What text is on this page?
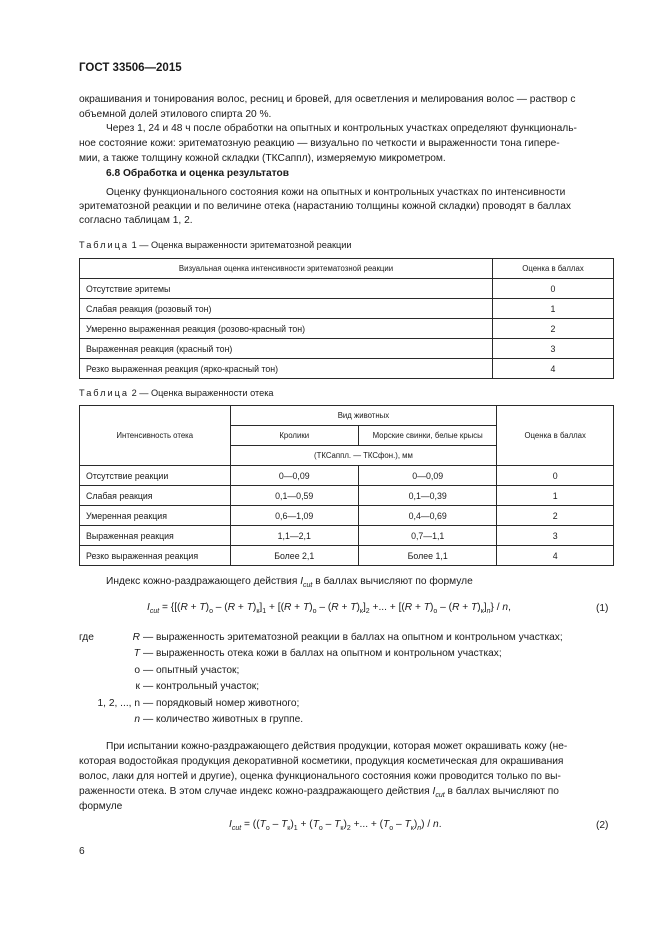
ГОСТ 33506—2015
окрашивания и тонирования волос, ресниц и бровей, для осветления и мелирования волос — раствор с объемной долей этилового спирта 20 %.
Через 1, 24 и 48 ч после обработки на опытных и контрольных участках определяют функциональ-
ное состояние кожи: эритематозную реакцию — визуально по четкости и выраженности тона гипере-
мии, а также толщину кожной складки (ТКСаппл), измеряемую микрометром.
6.8 Обработка и оценка результатов
Оценку функционального состояния кожи на опытных и контрольных участках по интенсивности
эритематозной реакции и по величине отека (нарастанию толщины кожной складки) проводят в баллах
согласно таблицам 1, 2.
Таблица 1 — Оценка выраженности эритематозной реакции
Визуальная оценка интенсивности эритематозной реакции	Оценка в баллах
Отсутствие эритемы	0
Слабая реакция (розовый тон)	1
Умеренно выраженная реакция (розово-красный тон)	2
Выраженная реакция (красный тон)	3
Резко выраженная реакция (ярко-красный тон)	4
Таблица 2 — Оценка выраженности отека
Интенсивность отека	Вид животных		Оценка в баллах
	Кролики	Морские свинки, белые крысы	
	(ТКСаппл. — ТКСфон.), мм		
Отсутствие реакции	0—0,09	0—0,09	0
Слабая реакция	0,1—0,59	0,1—0,39	1
Умеренная реакция	0,6—1,09	0,4—0,69	2
Выраженная реакция	1,1—2,1	0,7—1,1	3
Резко выраженная реакция	Более 2,1	Более 1,1	4
Индекс кожно-раздражающего действия $I_{cut}$ в баллах вычисляют по формуле
$I_{cut} = \{[(R + T)_о - (R + T)_к]_1 + [(R + T)_о - (R + T)_к]_2$ +... + $[(R + T)_о - (R + T)_к]_n\} / n$,	(1)
где	R — выраженность эритематозной реакции в баллах на опытном и контрольном участках;
T — выраженность отека кожи в баллах на опытном и контрольном участках;
о — опытный участок;
к — контрольный участок;
1, 2, ..., n — порядковый номер животного;
n — количество животных в группе.
При испытании кожно-раздражающего действия продукции, которая может окрашивать кожу (не-
которая водостойкая продукция декоративной косметики, продукция косметическая для окрашивания
волос, лаки для ногтей и другие), оценка функционального состояния кожи проводится только по вы-
раженности отека. В этом случае индекс кожно-раздражающего действия $I_{cut}$ в баллах вычисляют по
формуле
$I_{cut} = ((T_о - T_к)_1 + (T_о - T_к)_2$ +... + $(T_о - T_к)_n$) / n.	(2)
6
